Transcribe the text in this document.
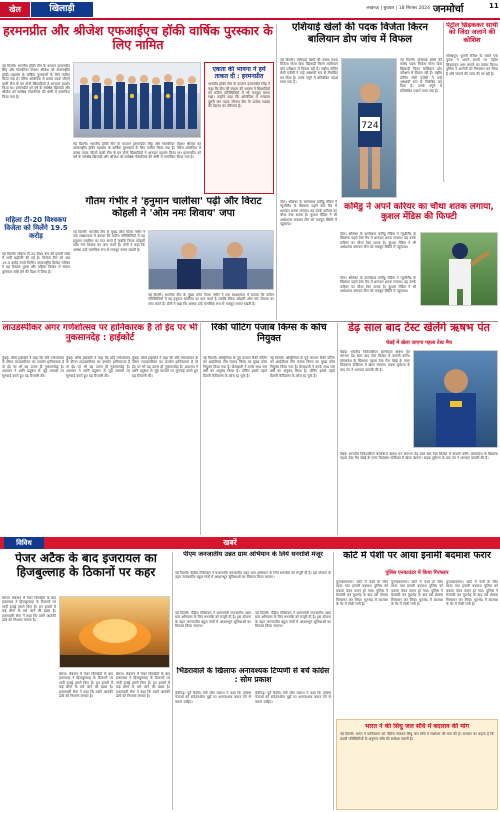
खेल	खिलाड़ी	लखनऊ | बुधवार | 18 सितंबर 2024 जनमोर्चा	11
हरमनप्रीत और श्रीजेश एफआईएच हॉकी वार्षिक पुरस्कार के लिए नामित
नई दिल्ली। भारतीय हॉकी टीम के कप्तान हरमनप्रीत सिंह और गोलकीपर पीआर श्रीजेश को अंतरराष्ट्रीय हॉकी महासंघ के वार्षिक पुरस्कारों के लिए नामित किया गया है। पेरिस ओलंपिक में कांस्य पदक जीतने वाली टीम के इन दोनों खिलाड़ियों ने शानदार प्रदर्शन किया था। हरमनप्रीत को वर्ष के सर्वश्रेष्ठ खिलाड़ी और श्रीजेश को सर्वश्रेष्ठ गोलकीपर की श्रेणी में नामांकित किया गया है।
नई दिल्ली। भारतीय हॉकी टीम के कप्तान हरमनप्रीत सिंह और गोलकीपर पीआर श्रीजेश को अंतरराष्ट्रीय हॉकी महासंघ के वार्षिक पुरस्कारों के लिए नामित किया गया है। पेरिस ओलंपिक में कांस्य पदक जीतने वाली टीम के इन दोनों खिलाड़ियों ने शानदार प्रदर्शन किया था। हरमनप्रीत को वर्ष के सर्वश्रेष्ठ खिलाड़ी और श्रीजेश को सर्वश्रेष्ठ गोलकीपर की श्रेणी में नामांकित किया गया है।
एकता की भावना ने हमें ताकत दी : हरमनप्रीत
भारतीय हॉकी टीम के कप्तान हरमनप्रीत सिंह ने कहा कि टीम की एकता की भावना ने खिलाड़ियों को कठिन परिस्थितियों में भी मजबूत बनाए रखा। उन्होंने कहा कि ओलंपिक में लगातार दूसरी बार पदक जीतना टीम के प्रत्येक सदस्य की मेहनत का परिणाम है।
महिला टी-20 विश्वकप विजेता को मिलेंगे 19.5 करोड़
नई दिल्ली। महिला टी-20 विश्व कप की इनामी राशि में भारी बढ़ोतरी की गई है। विजेता टीम को अब 19.5 करोड़ रुपये मिलेंगे। अंतरराष्ट्रीय क्रिकेट परिषद ने यह फैसला पुरुष और महिला क्रिकेट में समान पुरस्कार राशि देने की दिशा में लिया है।
गौतम गंभीर ने 'हनुमान चालीसा' पढ़ी और विराट कोहली ने 'ओम नमः शिवाय' जपा
नई दिल्ली। भारतीय टीम के मुख्य कोच गौतम गंभीर ने एक साक्षात्कार में बताया कि कठिन परिस्थितियों में वह हनुमान चालीसा का पाठ करते हैं जबकि विराट कोहली ओम नमः शिवाय का जाप करते हैं। दोनों ने कहा कि आस्था उन्हें मानसिक रूप से मजबूत बनाए रखती है।
नई दिल्ली। भारतीय टीम के मुख्य कोच गौतम गंभीर ने एक साक्षात्कार में बताया कि कठिन परिस्थितियों में वह हनुमान चालीसा का पाठ करते हैं जबकि विराट कोहली ओम नमः शिवाय का जाप करते हैं। दोनों ने कहा कि आस्था उन्हें मानसिक रूप से मजबूत बनाए रखती है।
एशियाई खेलों की पदक विजेता किरन बालियान डोप जांच में विफल
नई दिल्ली। एशियाई खेलों की कांस्य पदक विजेता गोला फेंक खिलाड़ी किरन बालियान डोप परीक्षण में विफल रही हैं। राष्ट्रीय डोपिंग रोधी एजेंसी ने उन्हें अस्थायी रूप से निलंबित कर दिया है। उनके नमूने में प्रतिबंधित पदार्थ पाया गया है।
724
नई दिल्ली। एशियाई खेलों की कांस्य पदक विजेता गोला फेंक खिलाड़ी किरन बालियान डोप परीक्षण में विफल रही हैं। राष्ट्रीय डोपिंग रोधी एजेंसी ने उन्हें अस्थायी रूप से निलंबित कर दिया है। उनके नमूने में प्रतिबंधित पदार्थ पाया गया है।
पेट्रोल छिड़ककर साथी को जिंदा जलाने की कोशिश
गोरखपुर। पुरानी रंजिश के चलते एक युवक ने अपने साथी पर पेट्रोल छिड़ककर आग लगाने का प्रयास किया। पुलिस ने आरोपी को गिरफ्तार कर लिया है और मामले की जांच की जा रही है।
कमिंडु ने अपने करियर का चौथा शतक लगाया, कुशल मेंडिस की फिफ्टी
गॉल। श्रीलंका के बल्लेबाज कमिंडु मेंडिस ने न्यूजीलैंड के खिलाफ पहले टेस्ट मैच में शानदार शतक लगाया। यह उनके करियर का चौथा टेस्ट शतक है। कुशल मेंडिस ने भी अर्धशतक बनाकर टीम को मजबूत स्थिति में पहुंचाया।
गॉल। श्रीलंका के बल्लेबाज कमिंडु मेंडिस ने न्यूजीलैंड के खिलाफ पहले टेस्ट मैच में शानदार शतक लगाया। यह उनके करियर का चौथा टेस्ट शतक है। कुशल मेंडिस ने भी अर्धशतक बनाकर टीम को मजबूत स्थिति में पहुंचाया।
गॉल। श्रीलंका के बल्लेबाज कमिंडु मेंडिस ने न्यूजीलैंड के खिलाफ पहले टेस्ट मैच में शानदार शतक लगाया। यह उनके करियर का चौथा टेस्ट शतक है। कुशल मेंडिस ने भी अर्धशतक बनाकर टीम को मजबूत स्थिति में पहुंचाया।
लाउडस्पीकर अगर गणेशोत्सव पर हानिकारक है तो ईद पर भी नुकसानदेह : हाईकोर्ट
मुंबई। बॉम्बे हाईकोर्ट ने कहा कि यदि गणेशोत्सव के दौरान लाउडस्पीकर का उपयोग हानिकारक है तो ईद पर भी यह उतना ही नुकसानदेह है। अदालत ने ध्वनि प्रदूषण से जुड़े मामलों पर सुनवाई करते हुए यह टिप्पणी की।
मुंबई। बॉम्बे हाईकोर्ट ने कहा कि यदि गणेशोत्सव के दौरान लाउडस्पीकर का उपयोग हानिकारक है तो ईद पर भी यह उतना ही नुकसानदेह है। अदालत ने ध्वनि प्रदूषण से जुड़े मामलों पर सुनवाई करते हुए यह टिप्पणी की।
मुंबई। बॉम्बे हाईकोर्ट ने कहा कि यदि गणेशोत्सव के दौरान लाउडस्पीकर का उपयोग हानिकारक है तो ईद पर भी यह उतना ही नुकसानदेह है। अदालत ने ध्वनि प्रदूषण से जुड़े मामलों पर सुनवाई करते हुए यह टिप्पणी की।
रिकी पोंटिंग पंजाब किंग्स के कोच नियुक्त
नई दिल्ली। ऑस्ट्रेलिया के पूर्व कप्तान रिकी पोंटिंग को आईपीएल टीम पंजाब किंग्स का मुख्य कोच नियुक्त किया गया है। फ्रेंचाइजी ने उनके साथ चार वर्षों का अनुबंध किया है। पोंटिंग इससे पहले दिल्ली कैपिटल्स के कोच रह चुके हैं।
नई दिल्ली। ऑस्ट्रेलिया के पूर्व कप्तान रिकी पोंटिंग को आईपीएल टीम पंजाब किंग्स का मुख्य कोच नियुक्त किया गया है। फ्रेंचाइजी ने उनके साथ चार वर्षों का अनुबंध किया है। पोंटिंग इससे पहले दिल्ली कैपिटल्स के कोच रह चुके हैं।
डेढ़ साल बाद टेस्ट खेलेंगे ऋषभ पंत
चेन्नई में खेला जाएगा पहला टेस्ट मैच
चेन्नई। भारतीय विकेटकीपर बल्लेबाज ऋषभ पंत लगभग डेढ़ साल बाद टेस्ट क्रिकेट में वापसी करेंगे। बांग्लादेश के खिलाफ पहला टेस्ट मैच चेन्नई के एमए चिदंबरम स्टेडियम में खेला जाएगा। सड़क दुर्घटना के बाद पंत ने शानदार वापसी की है।
चेन्नई। भारतीय विकेटकीपर बल्लेबाज ऋषभ पंत लगभग डेढ़ साल बाद टेस्ट क्रिकेट में वापसी करेंगे। बांग्लादेश के खिलाफ पहला टेस्ट मैच चेन्नई के एमए चिदंबरम स्टेडियम में खेला जाएगा। सड़क दुर्घटना के बाद पंत ने शानदार वापसी की है।
विविध	खबरें
पेजर अटैक के बाद इजरायल का हिजबुल्लाह के ठिकानों पर कहर
बेरूत। लेबनान में पेजर विस्फोटों के बाद इजरायल ने हिजबुल्लाह के ठिकानों पर भारी हवाई हमले किए हैं। इन हमलों में कई लोगों के मारे जाने की खबर है। इजरायली सेना ने कहा कि उसने आतंकी ढांचे को निशाना बनाया है।
बेरूत। लेबनान में पेजर विस्फोटों के बाद इजरायल ने हिजबुल्लाह के ठिकानों पर भारी हवाई हमले किए हैं। इन हमलों में कई लोगों के मारे जाने की खबर है। इजरायली सेना ने कहा कि उसने आतंकी ढांचे को निशाना बनाया है।
बेरूत। लेबनान में पेजर विस्फोटों के बाद इजरायल ने हिजबुल्लाह के ठिकानों पर भारी हवाई हमले किए हैं। इन हमलों में कई लोगों के मारे जाने की खबर है। इजरायली सेना ने कहा कि उसने आतंकी ढांचे को निशाना बनाया है।
पीएम जनजातीय उन्नत ग्राम अभियान के लिये धनराशि मंजूर
नई दिल्ली। केंद्रीय मंत्रिमंडल ने प्रधानमंत्री जनजातीय उन्नत ग्राम अभियान के लिए धनराशि को मंजूरी दी है। इस योजना के तहत जनजातीय बहुल गांवों में आधारभूत सुविधाओं का विकास किया जाएगा।
नई दिल्ली। केंद्रीय मंत्रिमंडल ने प्रधानमंत्री जनजातीय उन्नत ग्राम अभियान के लिए धनराशि को मंजूरी दी है। इस योजना के तहत जनजातीय बहुल गांवों में आधारभूत सुविधाओं का विकास किया जाएगा।
नई दिल्ली। केंद्रीय मंत्रिमंडल ने प्रधानमंत्री जनजातीय उन्नत ग्राम अभियान के लिए धनराशि को मंजूरी दी है। इस योजना के तहत जनजातीय बहुल गांवों में आधारभूत सुविधाओं का विकास किया जाएगा।
भिंडरावाले के खिलाफ अनावश्यक टिप्पणी से बचें कांग्रेस : सोम प्रकाश
चंडीगढ़। पूर्व केंद्रीय मंत्री सोम प्रकाश ने कहा कि कांग्रेस नेताओं को संवेदनशील मुद्दों पर अनावश्यक बयान देने से बचना चाहिए।
चंडीगढ़। पूर्व केंद्रीय मंत्री सोम प्रकाश ने कहा कि कांग्रेस नेताओं को संवेदनशील मुद्दों पर अनावश्यक बयान देने से बचना चाहिए।
कोर्ट में पेशी पर आया इनामी बदमाश फरार
पुलिस एनकाउंटर में किया गिरफ्तार
मुजफ्फरनगर। कोर्ट में पेशी के लिए लाया गया इनामी बदमाश पुलिस को चकमा देकर फरार हो गया। पुलिस ने घेराबंदी कर मुठभेड़ के बाद उसे दोबारा गिरफ्तार कर लिया। मुठभेड़ में बदमाश के पैर में गोली लगी है।
मुजफ्फरनगर। कोर्ट में पेशी के लिए लाया गया इनामी बदमाश पुलिस को चकमा देकर फरार हो गया। पुलिस ने घेराबंदी कर मुठभेड़ के बाद उसे दोबारा गिरफ्तार कर लिया। मुठभेड़ में बदमाश के पैर में गोली लगी है।
मुजफ्फरनगर। कोर्ट में पेशी के लिए लाया गया इनामी बदमाश पुलिस को चकमा देकर फरार हो गया। पुलिस ने घेराबंदी कर मुठभेड़ के बाद उसे दोबारा गिरफ्तार कर लिया। मुठभेड़ में बदमाश के पैर में गोली लगी है।
भारत ने की सिंधु जल संधि में बदलाव की मांग
नई दिल्ली। भारत ने पाकिस्तान को नोटिस भेजकर सिंधु जल संधि में संशोधन की मांग की है। सरकार का कहना है कि बदली परिस्थितियों के अनुरूप संधि की समीक्षा जरूरी है।
